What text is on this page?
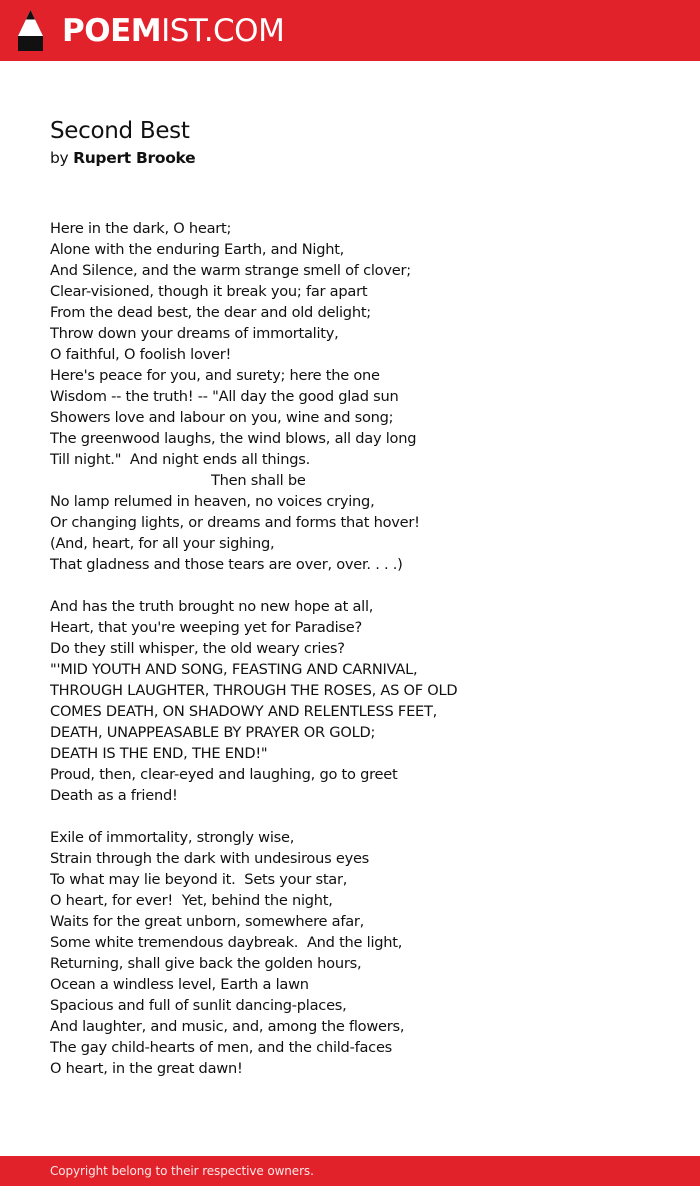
POEMIST.COM
Second Best
by Rupert Brooke
Here in the dark, O heart;
Alone with the enduring Earth, and Night,
And Silence, and the warm strange smell of clover;
Clear-visioned, though it break you; far apart
From the dead best, the dear and old delight;
Throw down your dreams of immortality,
O faithful, O foolish lover!
Here's peace for you, and surety; here the one
Wisdom -- the truth! -- "All day the good glad sun
Showers love and labour on you, wine and song;
The greenwood laughs, the wind blows, all day long
Till night."  And night ends all things.
Then shall be
No lamp relumed in heaven, no voices crying,
Or changing lights, or dreams and forms that hover!
(And, heart, for all your sighing,
That gladness and those tears are over, over. . . .)
And has the truth brought no new hope at all,
Heart, that you're weeping yet for Paradise?
Do they still whisper, the old weary cries?
"'MID YOUTH AND SONG, FEASTING AND CARNIVAL,
THROUGH LAUGHTER, THROUGH THE ROSES, AS OF OLD
COMES DEATH, ON SHADOWY AND RELENTLESS FEET,
DEATH, UNAPPEASABLE BY PRAYER OR GOLD;
DEATH IS THE END, THE END!"
Proud, then, clear-eyed and laughing, go to greet
Death as a friend!
Exile of immortality, strongly wise,
Strain through the dark with undesirous eyes
To what may lie beyond it.  Sets your star,
O heart, for ever!  Yet, behind the night,
Waits for the great unborn, somewhere afar,
Some white tremendous daybreak.  And the light,
Returning, shall give back the golden hours,
Ocean a windless level, Earth a lawn
Spacious and full of sunlit dancing-places,
And laughter, and music, and, among the flowers,
The gay child-hearts of men, and the child-faces
O heart, in the great dawn!
Copyright belong to their respective owners.
